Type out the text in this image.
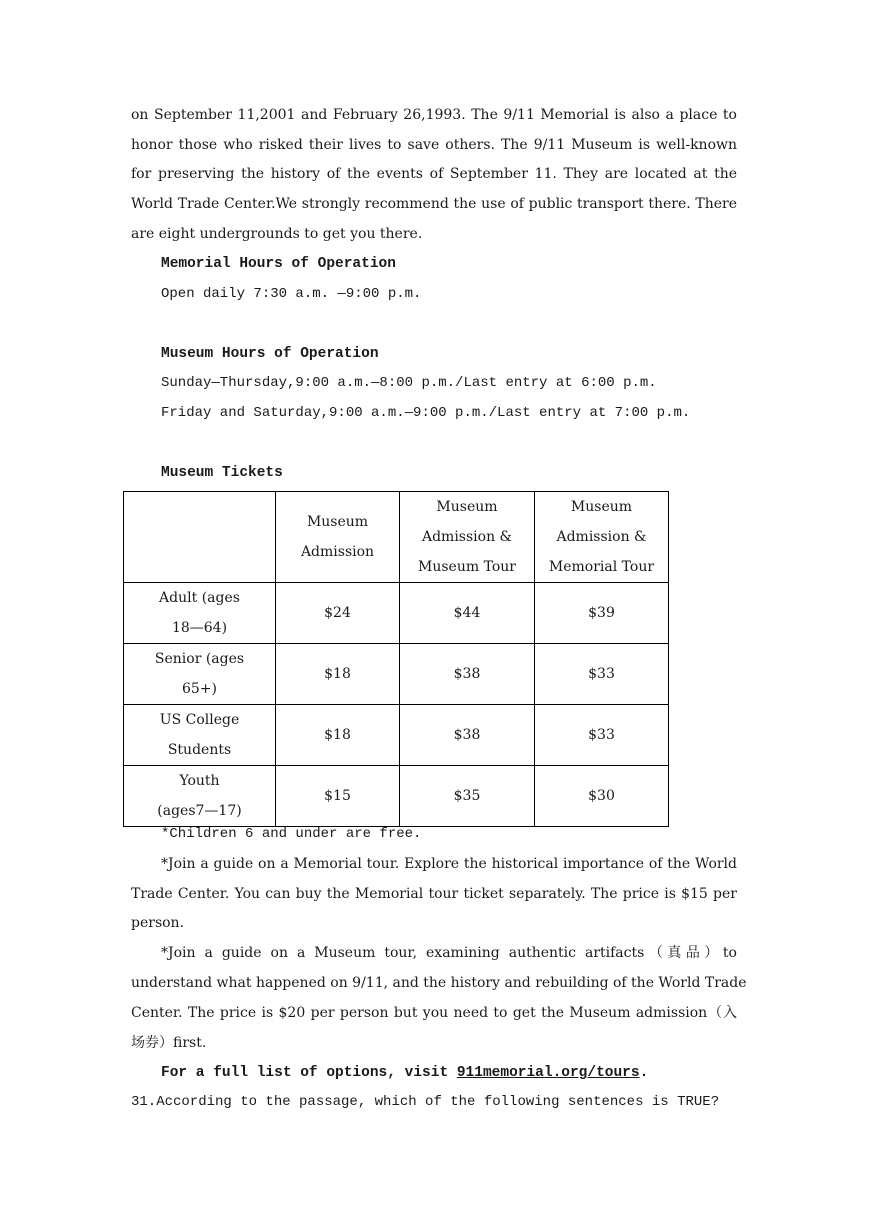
on September 11,2001 and February 26,1993. The 9/11 Memorial is also a place to
honor those who risked their lives to save others. The 9/11 Museum is well-known
for preserving the history of the events of September 11. They are located at the
World Trade Center.We strongly recommend the use of public transport there. There
are eight undergrounds to get you there.
Memorial Hours of Operation
Open daily 7:30 a.m. —9:00 p.m.
Museum Hours of Operation
Sunday—Thursday,9:00 a.m.—8:00 p.m./Last entry at 6:00 p.m.
Friday and Saturday,9:00 a.m.—9:00 p.m./Last entry at 7:00 p.m.
Museum Tickets
	Museum
Admission	Museum
Admission &
Museum Tour	Museum
Admission &
Memorial Tour
Adult (ages
18—64)	$24	$44	$39
Senior (ages
65+)	$18	$38	$33
US College
Students	$18	$38	$33
Youth
(ages7—17)	$15	$35	$30
*Children 6 and under are free.
*Join a guide on a Memorial tour. Explore the historical importance of the World
Trade Center. You can buy the Memorial tour ticket separately. The price is $15 per
person.
*Join a guide on a Museum tour, examining authentic artifacts（真品）to
understand what happened on 9/11, and the history and rebuilding of the World Trade
Center. The price is $20 per person but you need to get the Museum admission（入
场券）first.
For a full list of options, visit 911memorial.org/tours.
31.According to the passage, which of the following sentences is TRUE?
